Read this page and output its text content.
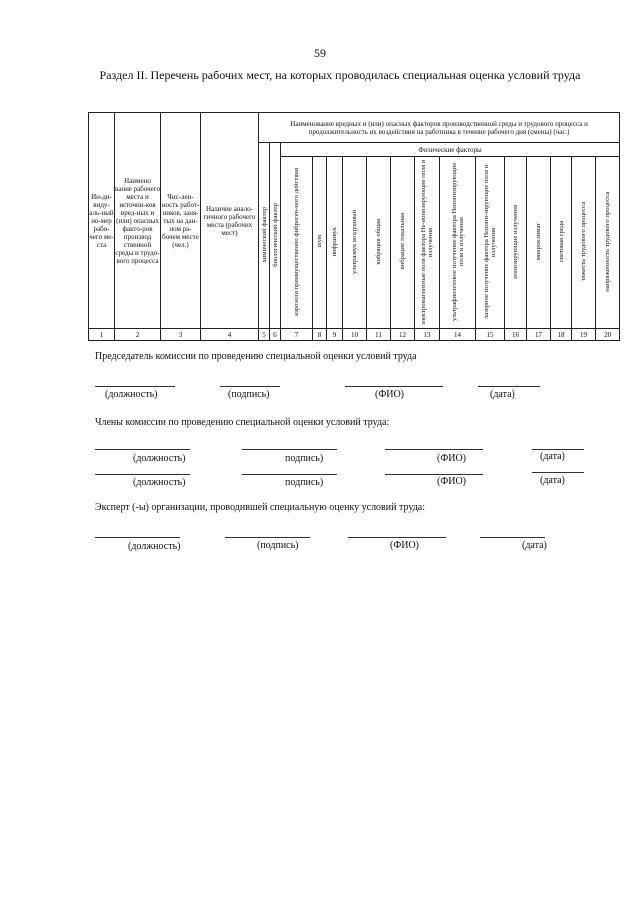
59
Раздел II. Перечень рабочих мест, на которых проводилась специальная оценка условий труда
Ин-ди-виду-аль-ный но-мер рабо-чего ме-ста	Наимено вание рабочего места и источни-ков вред-ных и (или) опасных факто-ров производ ственной среды и трудо-вого процесса	Чис-лен-ность работ-ников, заня-тых на дан-ном ра-бочем месте (чел.)	Наличие анало-гичного рабочего места (рабочих мест)	Наименование вредных и (или) опасных факторов производственной среды и трудового процесса и продолжительность их воздействия на работника в течение рабочего дня (смены) (час.)															
				химический фактор	биологический фактор	Физические факторы													
						аэрозоли преимущественно фиброген-ного действия	шум	инфразвук	ультразвук воздушный	вибрация общая	вибрация локальная	электромагнитные поля фактора Не-ионизирующие поля и излучения	ультрафиолетовое излучение фактора Неионизирующие поля и излучения	лазерное излучение фактора Неиони-зирующие поля и излучения	ионизирующие излучения	микроклимат	световая среда	тяжесть трудового процесса	напряженность трудового процесса
1	2	3	4	5	6	7	8	9	10	11	12	13	14	15	16	17	18	19	20
Председатель комиссии по проведению специальной оценки условий труда
(должность)	(подпись)	(ФИО)	(дата)
Члены комиссии по проведению специальной оценки условий труда:
(должность)	подпись)	(ФИО)	(дата)
(должность)	подпись)	(ФИО)	(дата)
Эксперт (-ы) организации, проводившей специальную оценку условий труда:
(должность)	(подпись)	(ФИО)	(дата)
